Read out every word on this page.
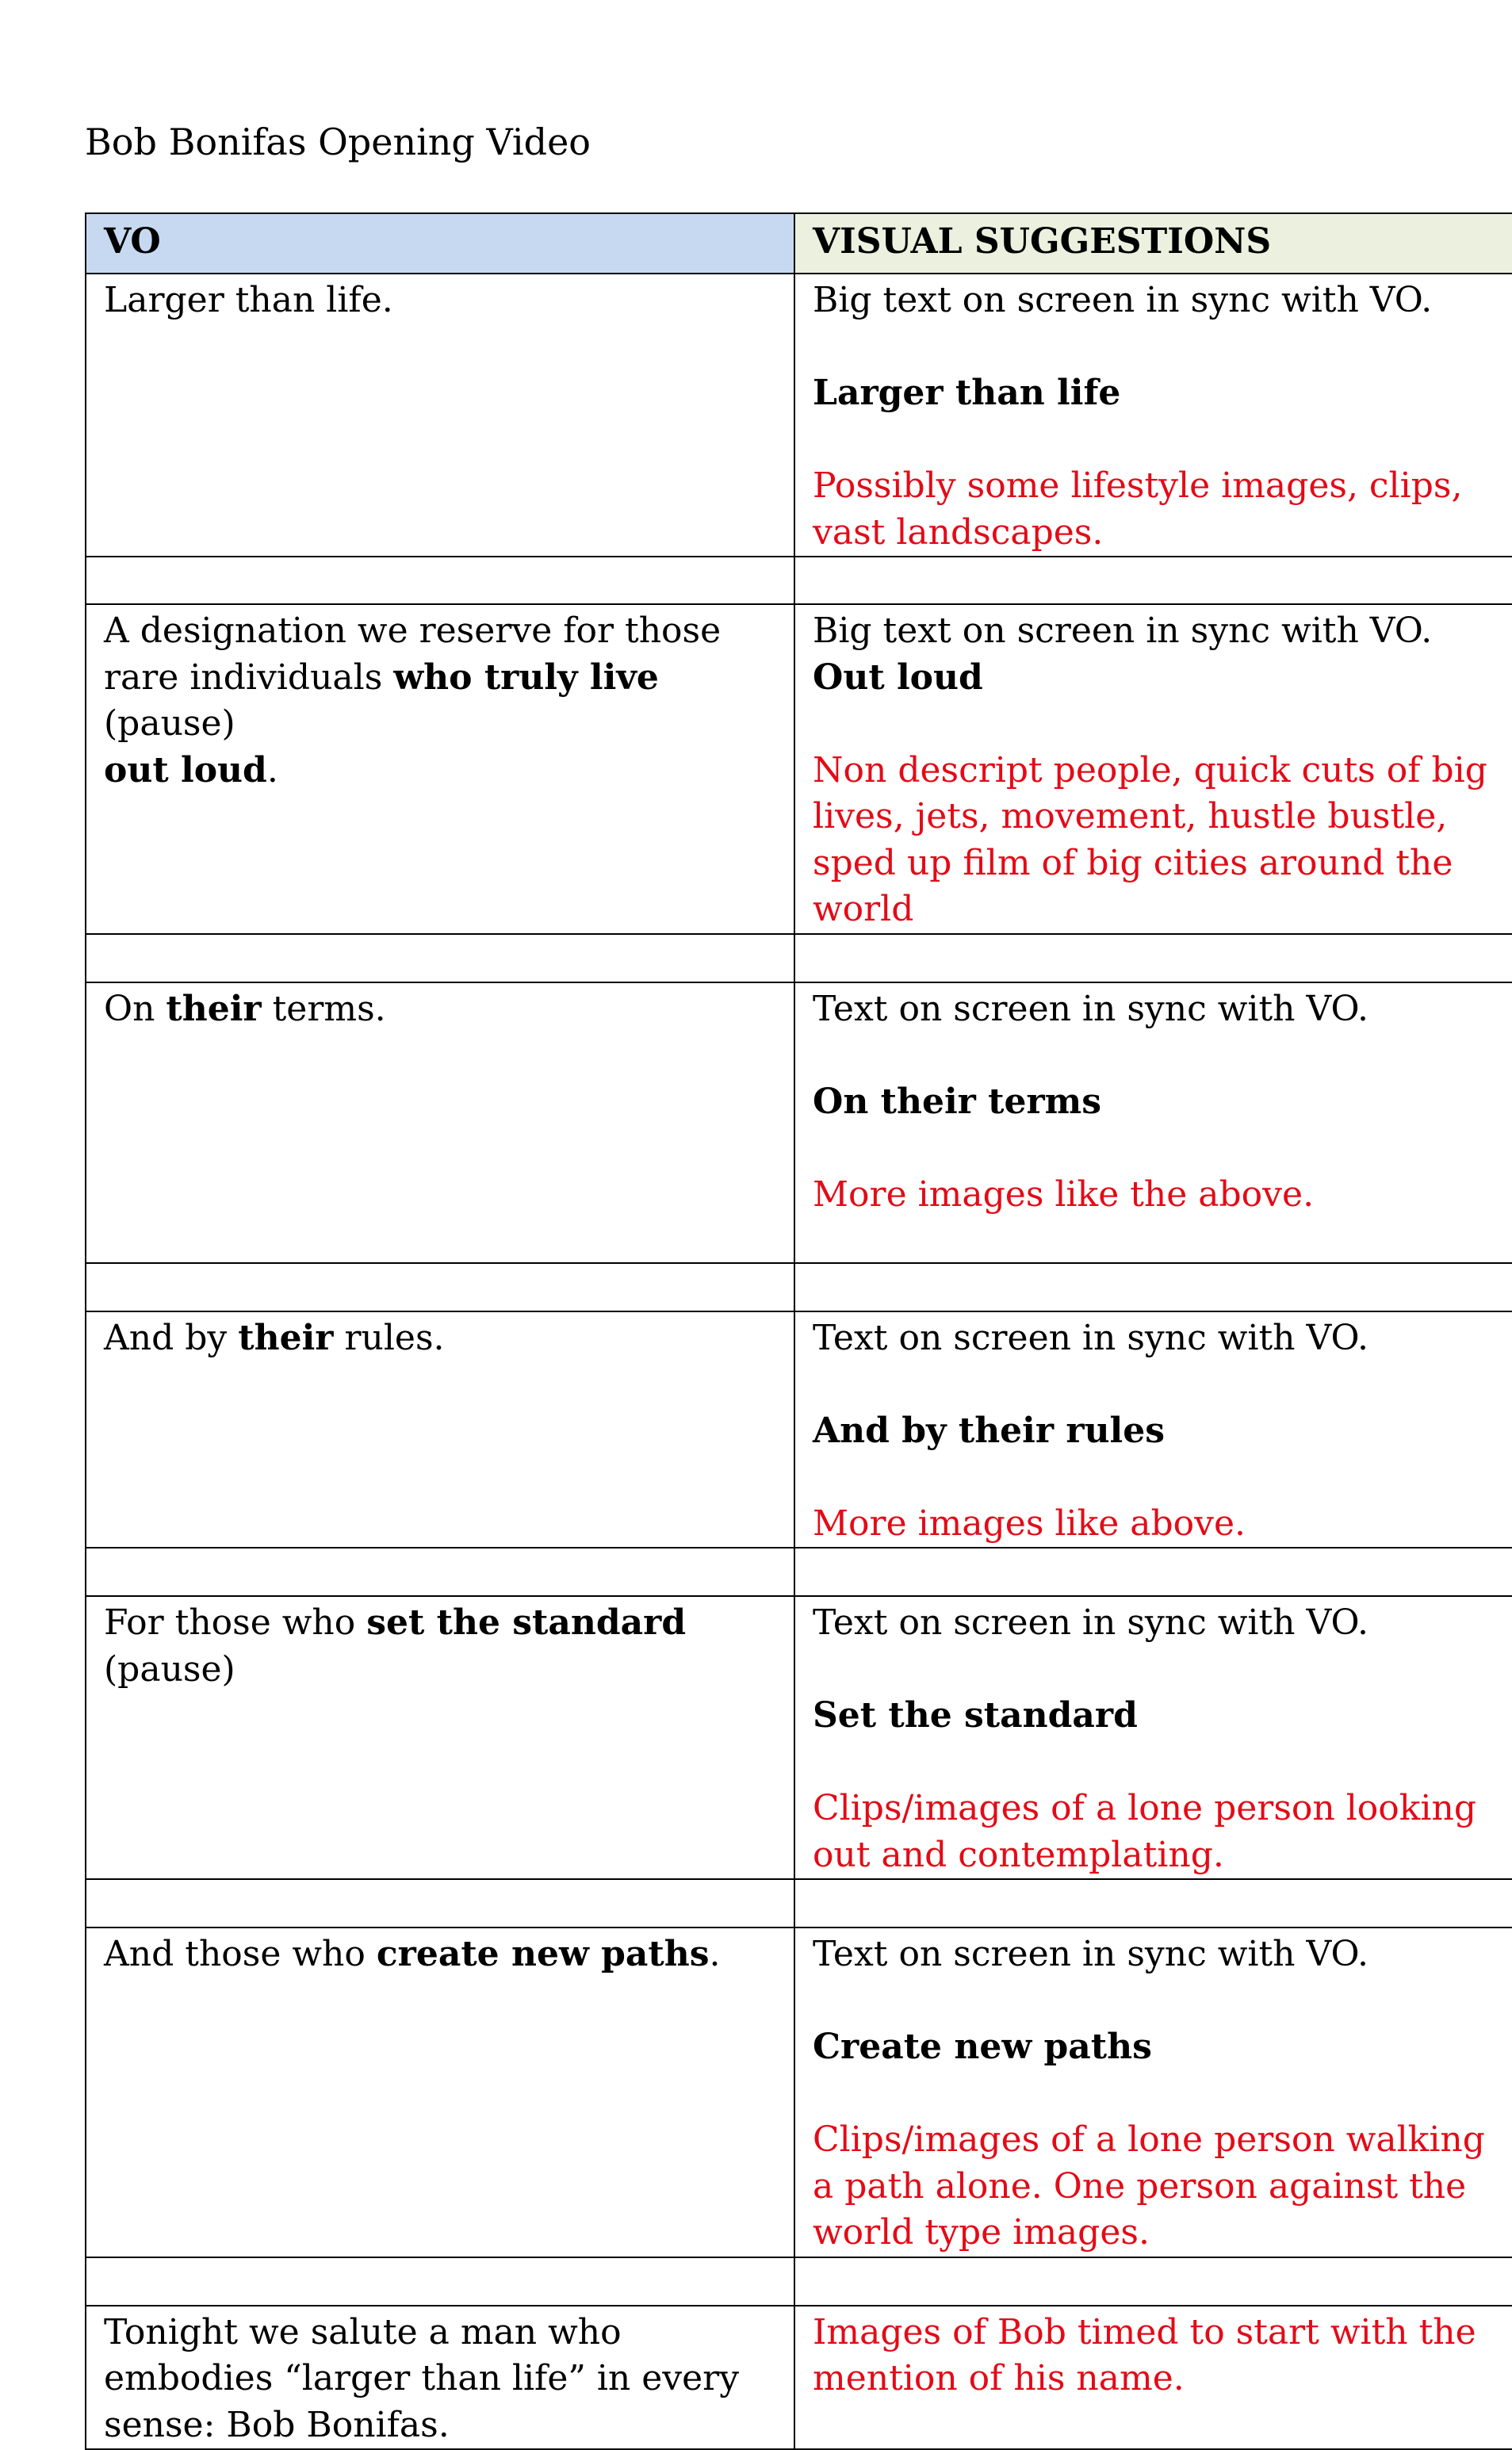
Bob Bonifas Opening Video
VO	VISUAL SUGGESTIONS
Larger than life.	Big text on screen in sync with VO.
Larger than life
Possibly some lifestyle images, clips, vast landscapes.

A designation we reserve for those rare individuals who truly live (pause)
out loud.	Big text on screen in sync with VO.
Out loud
Non descript people, quick cuts of big lives, jets, movement, hustle bustle, sped up film of big cities around the world

On their terms.	Text on screen in sync with VO.
On their terms
More images like the above.

And by their rules.	Text on screen in sync with VO.
And by their rules
More images like above.

For those who set the standard
(pause)	Text on screen in sync with VO.
Set the standard
Clips/images of a lone person looking out and contemplating.

And those who create new paths.	Text on screen in sync with VO.
Create new paths
Clips/images of a lone person walking a path alone. One person against the world type images.

Tonight we salute a man who embodies “larger than life” in every sense: Bob Bonifas.	Images of Bob timed to start with the mention of his name.
